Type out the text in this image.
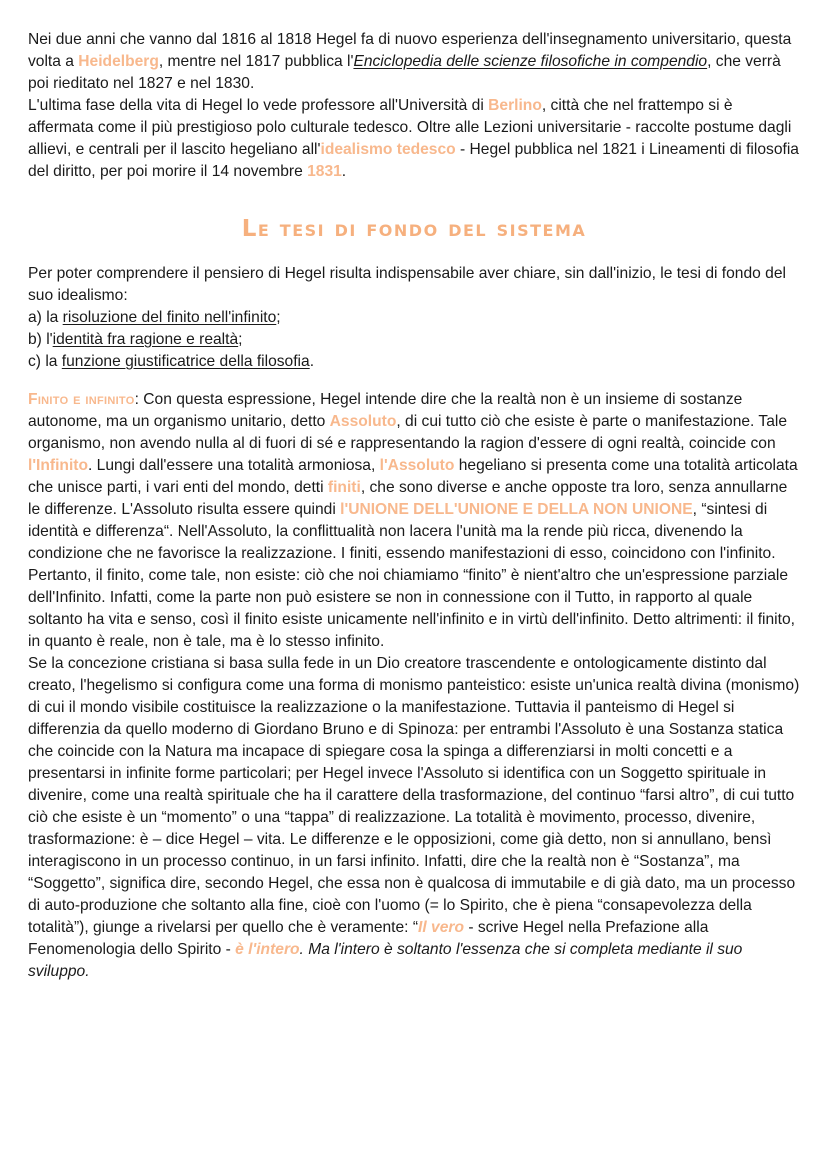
Nei due anni che vanno dal 1816 al 1818 Hegel fa di nuovo esperienza dell'insegnamento universitario, questa volta a Heidelberg, mentre nel 1817 pubblica l'Enciclopedia delle scienze filosofiche in compendio, che verrà poi rieditato nel 1827 e nel 1830.

L'ultima fase della vita di Hegel lo vede professore all'Università di Berlino, città che nel frattempo si è affermata come il più prestigioso polo culturale tedesco. Oltre alle Lezioni universitarie - raccolte postume dagli allievi, e centrali per il lascito hegeliano all'idealismo tedesco - Hegel pubblica nel 1821 i Lineamenti di filosofia del diritto, per poi morire il 14 novembre 1831.

Le tesi di fondo del sistema

Per poter comprendere il pensiero di Hegel risulta indispensabile aver chiare, sin dall'inizio, le tesi di fondo del suo idealismo:

a) la risoluzione del finito nell'infinito;

b) l'identità fra ragione e realtà;

c) la funzione giustificatrice della filosofia.

Finito e infinito: Con questa espressione, Hegel intende dire che la realtà non è un insieme di sostanze autonome, ma un organismo unitario, detto Assoluto, di cui tutto ciò che esiste è parte o manifestazione. Tale organismo, non avendo nulla al di fuori di sé e rappresentando la ragion d'essere di ogni realtà, coincide con l'Infinito. Lungi dall'essere una totalità armoniosa, l'Assoluto hegeliano si presenta come una totalità articolata che unisce parti, i vari enti del mondo, detti finiti, che sono diverse e anche opposte tra loro, senza annullarne le differenze. L'Assoluto risulta essere quindi l'UNIONE DELL'UNIONE E DELLA NON UNIONE, “sintesi di identità e differenza“. Nell'Assoluto, la conflittualità non lacera l'unità ma la rende più ricca, divenendo la condizione che ne favorisce la realizzazione. I finiti, essendo manifestazioni di esso, coincidono con l'infinito. Pertanto, il finito, come tale, non esiste: ciò che noi chiamiamo “finito” è nient'altro che un'espressione parziale dell'Infinito. Infatti, come la parte non può esistere se non in connessione con il Tutto, in rapporto al quale soltanto ha vita e senso, così il finito esiste unicamente nell'infinito e in virtù dell'infinito. Detto altrimenti: il finito, in quanto è reale, non è tale, ma è lo stesso infinito.

Se la concezione cristiana si basa sulla fede in un Dio creatore trascendente e ontologicamente distinto dal creato, l'hegelismo si configura come una forma di monismo panteistico: esiste un'unica realtà divina (monismo) di cui il mondo visibile costituisce la realizzazione o la manifestazione. Tuttavia il panteismo di Hegel si differenzia da quello moderno di Giordano Bruno e di Spinoza: per entrambi l'Assoluto è una Sostanza statica che coincide con la Natura ma incapace di spiegare cosa la spinga a differenziarsi in molti concetti e a presentarsi in infinite forme particolari; per Hegel invece l'Assoluto si identifica con un Soggetto spirituale in divenire, come una realtà spirituale che ha il carattere della trasformazione, del continuo “farsi altro”, di cui tutto ciò che esiste è un “momento” o una “tappa” di realizzazione. La totalità è movimento, processo, divenire, trasformazione: è – dice Hegel – vita. Le differenze e le opposizioni, come già detto, non si annullano, bensì interagiscono in un processo continuo, in un farsi infinito. Infatti, dire che la realtà non è “Sostanza”, ma “Soggetto”, significa dire, secondo Hegel, che essa non è qualcosa di immutabile e di già dato, ma un processo di auto-produzione che soltanto alla fine, cioè con l'uomo (= lo Spirito, che è piena “consapevolezza della totalità”), giunge a rivelarsi per quello che è veramente: “Il vero - scrive Hegel nella Prefazione alla Fenomenologia dello Spirito - è l'intero. Ma l'intero è soltanto l'essenza che si completa mediante il suo sviluppo.
